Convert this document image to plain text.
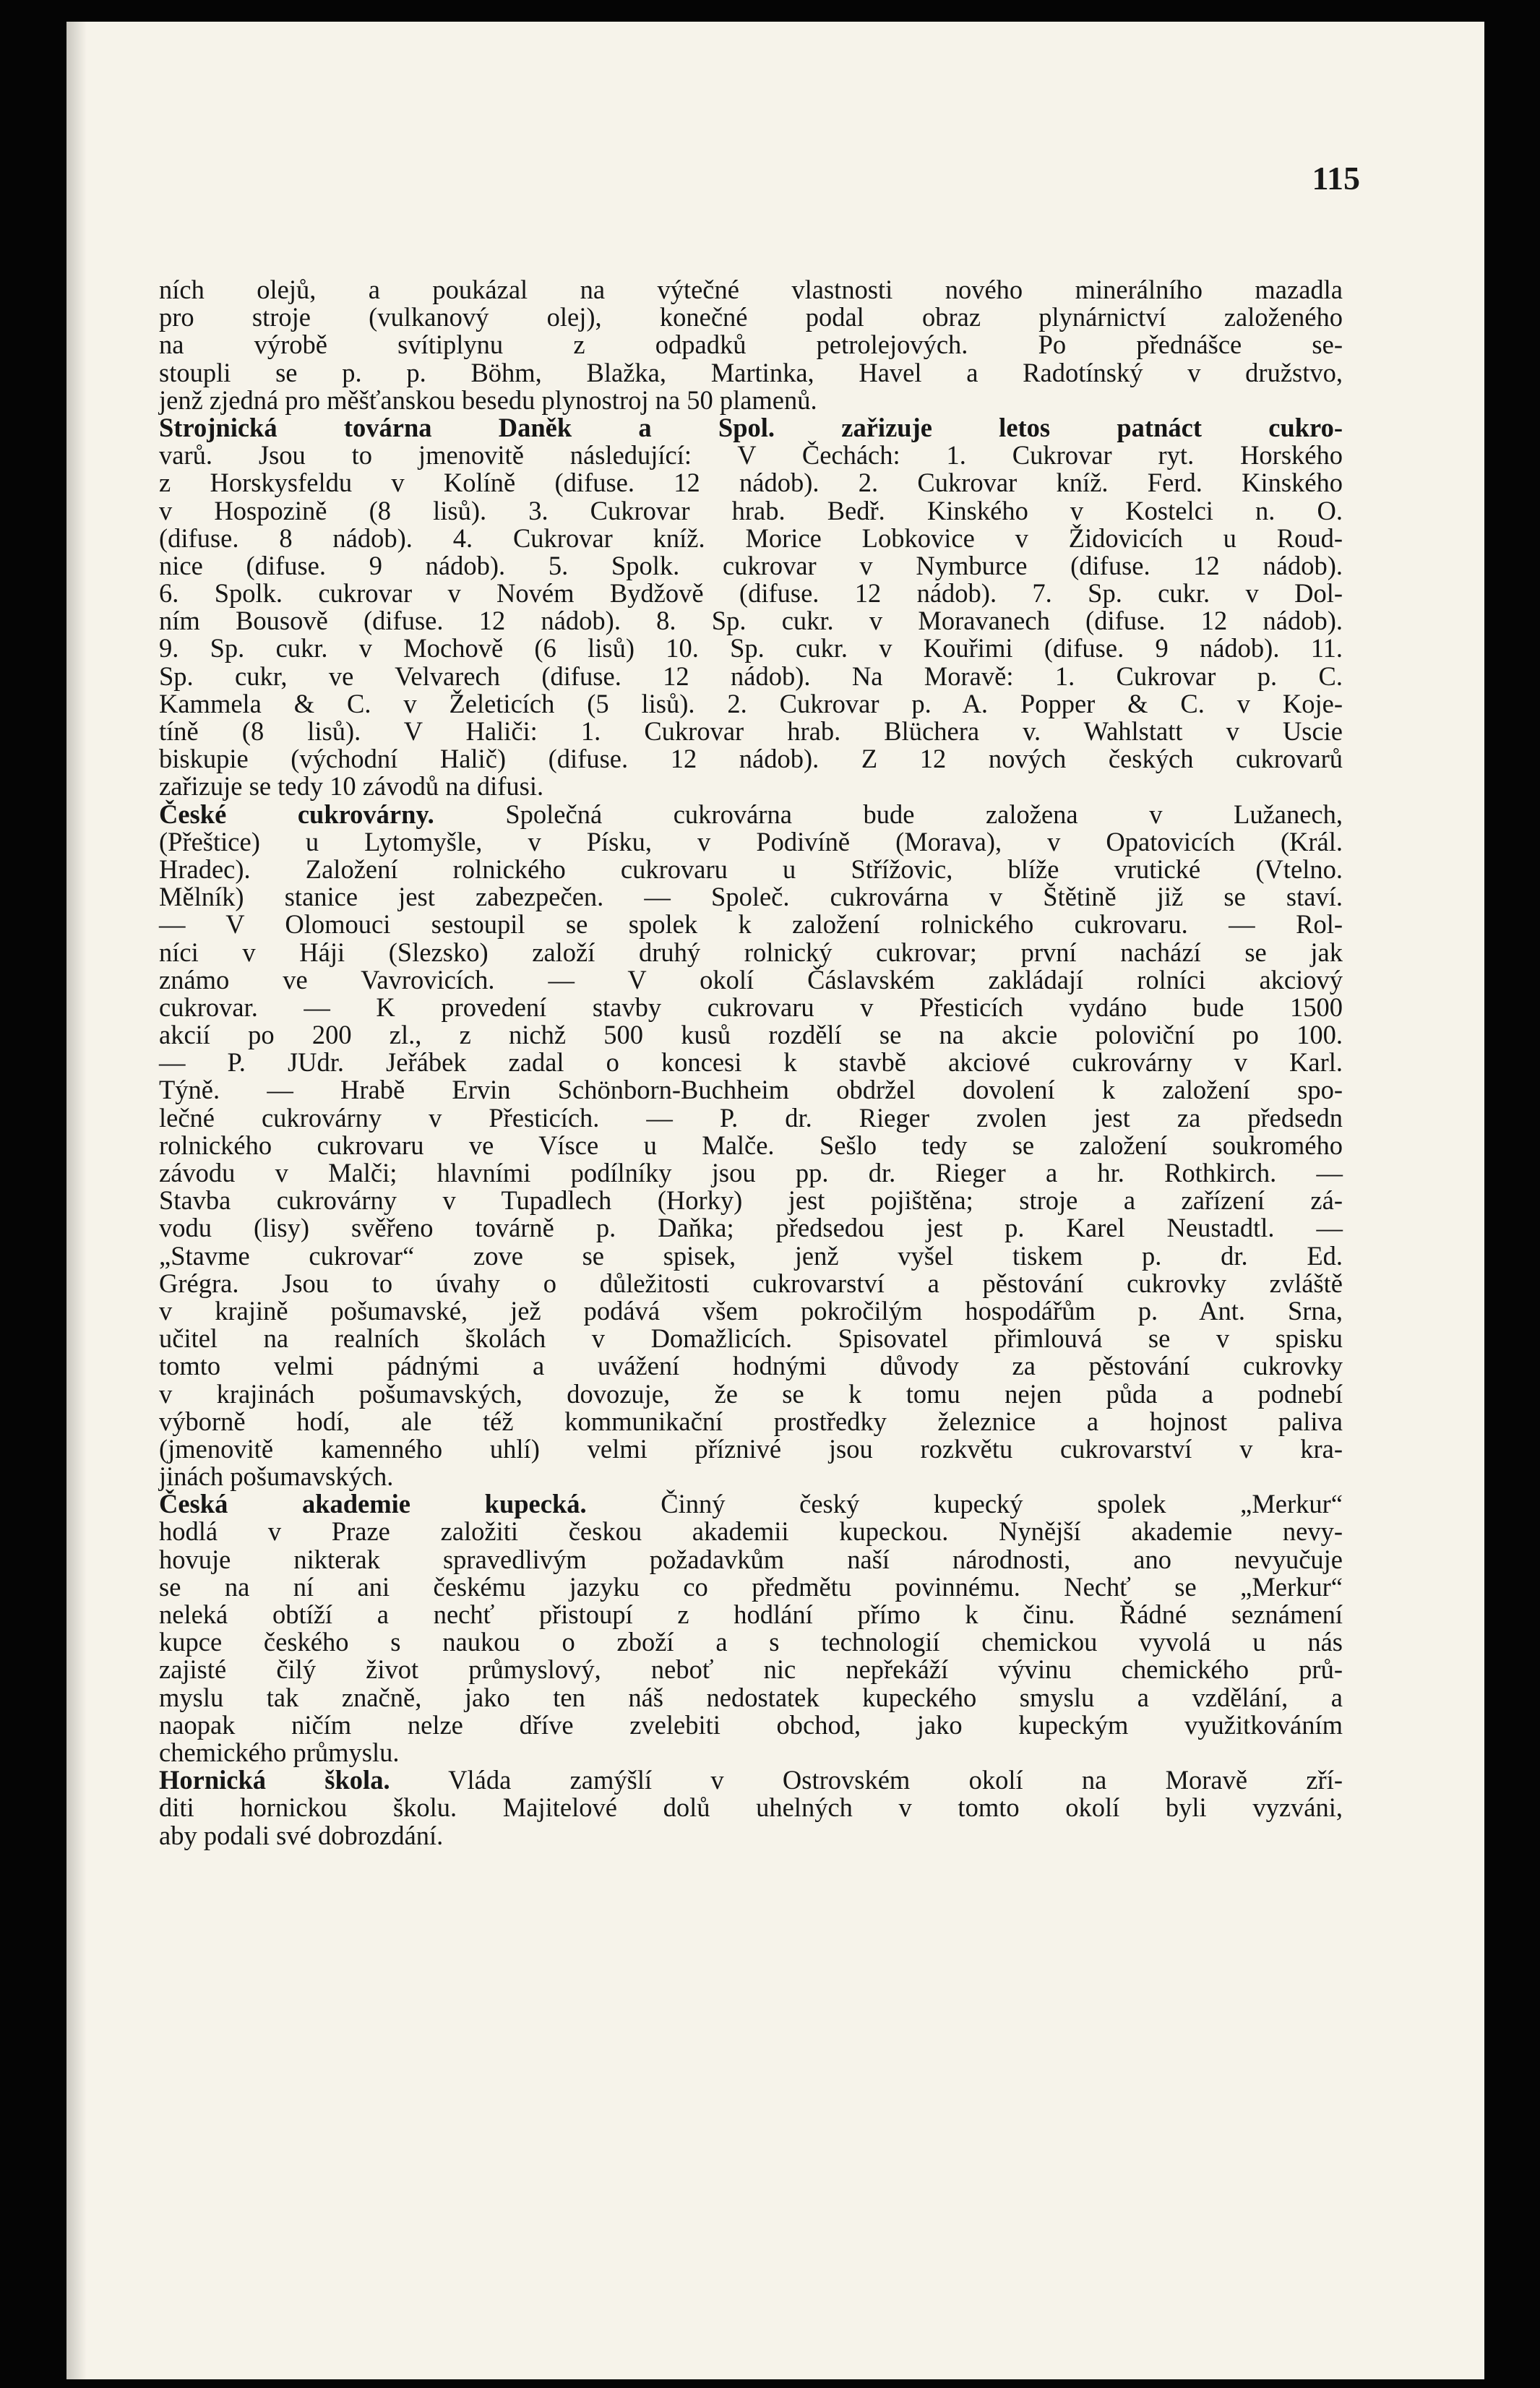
115
ních olejů, a poukázal na výtečné vlastnosti nového minerálního mazadla
pro stroje (vulkanový olej), konečné podal obraz plynárnictví založeného
na výrobě svítiplynu z odpadků petrolejových. Po přednášce se-
stoupli se p. p. Böhm, Blažka, Martinka, Havel a Radotínský v družstvo,
jenž zjedná pro měšťanskou besedu plynostroj na 50 plamenů.
Strojnická továrna Daněk a Spol. zařizuje letos patnáct cukro-
varů. Jsou to jmenovitě následující: V Čechách: 1. Cukrovar ryt. Horského
z Horskysfeldu v Kolíně (difuse. 12 nádob). 2. Cukrovar kníž. Ferd. Kinského
v Hospozině (8 lisů). 3. Cukrovar hrab. Bedř. Kinského v Kostelci n. O.
(difuse. 8 nádob). 4. Cukrovar kníž. Morice Lobkovice v Židovicích u Roud-
nice (difuse. 9 nádob). 5. Spolk. cukrovar v Nymburce (difuse. 12 nádob).
6. Spolk. cukrovar v Novém Bydžově (difuse. 12 nádob). 7. Sp. cukr. v Dol-
ním Bousově (difuse. 12 nádob). 8. Sp. cukr. v Moravanech (difuse. 12 nádob).
9. Sp. cukr. v Mochově (6 lisů) 10. Sp. cukr. v Kouřimi (difuse. 9 nádob). 11.
Sp. cukr, ve Velvarech (difuse. 12 nádob). Na Moravě: 1. Cukrovar p. C.
Kammela & C. v Želeticích (5 lisů). 2. Cukrovar p. A. Popper & C. v Koje-
tíně (8 lisů). V Haliči: 1. Cukrovar hrab. Blüchera v. Wahlstatt v Uscie
biskupie (východní Halič) (difuse. 12 nádob). Z 12 nových českých cukrovarů
zařizuje se tedy 10 závodů na difusi.
České cukrovárny. Společná cukrovárna bude založena v Lužanech,
(Přeštice) u Lytomyšle, v Písku, v Podivíně (Morava), v Opatovicích (Král.
Hradec). Založení rolnického cukrovaru u Střížovic, blíže vrutické (Vtelno.
Mělník) stanice jest zabezpečen. — Společ. cukrovárna v Štětině již se staví.
— V Olomouci sestoupil se spolek k založení rolnického cukrovaru. — Rol-
níci v Háji (Slezsko) založí druhý rolnický cukrovar; první nachází se jak
známo ve Vavrovicích. — V okolí Čáslavském zakládají rolníci akciový
cukrovar. — K provedení stavby cukrovaru v Přesticích vydáno bude 1500
akcií po 200 zl., z nichž 500 kusů rozdělí se na akcie poloviční po 100.
— P. JUdr. Jeřábek zadal o koncesi k stavbě akciové cukrovárny v Karl.
Týně. — Hrabě Ervin Schönborn-Buchheim obdržel dovolení k založení spo-
lečné cukrovárny v Přesticích. — P. dr. Rieger zvolen jest za předsedn
rolnického cukrovaru ve Vísce u Malče. Sešlo tedy se založení soukromého
závodu v Malči; hlavními podílníky jsou pp. dr. Rieger a hr. Rothkirch. —
Stavba cukrovárny v Tupadlech (Horky) jest pojištěna; stroje a zařízení zá-
vodu (lisy) svěřeno továrně p. Daňka; předsedou jest p. Karel Neustadtl. —
„Stavme cukrovar“ zove se spisek, jenž vyšel tiskem p. dr. Ed.
Grégra. Jsou to úvahy o důležitosti cukrovarství a pěstování cukrovky zvláště
v krajině pošumavské, jež podává všem pokročilým hospodářům p. Ant. Srna,
učitel na realních školách v Domažlicích. Spisovatel přimlouvá se v spisku
tomto velmi pádnými a uvážení hodnými důvody za pěstování cukrovky
v krajinách pošumavských, dovozuje, že se k tomu nejen půda a podnebí
výborně hodí, ale též kommunikační prostředky železnice a hojnost paliva
(jmenovitě kamenného uhlí) velmi příznivé jsou rozkvětu cukrovarství v kra-
jinách pošumavských.
Česká akademie kupecká. Činný český kupecký spolek „Merkur“
hodlá v Praze založiti českou akademii kupeckou. Nynější akademie nevy-
hovuje nikterak spravedlivým požadavkům naší národnosti, ano nevyučuje
se na ní ani českému jazyku co předmětu povinnému. Nechť se „Merkur“
neleká obtíží a nechť přistoupí z hodlání přímo k činu. Řádné seznámení
kupce českého s naukou o zboží a s technologií chemickou vyvolá u nás
zajisté čilý život průmyslový, neboť nic nepřekáží vývinu chemického prů-
myslu tak značně, jako ten náš nedostatek kupeckého smyslu a vzdělání, a
naopak ničím nelze dříve zvelebiti obchod, jako kupeckým využitkováním
chemického průmyslu.
Hornická škola. Vláda zamýšlí v Ostrovském okolí na Moravě zří-
diti hornickou školu. Majitelové dolů uhelných v tomto okolí byli vyzváni,
aby podali své dobrozdání.
